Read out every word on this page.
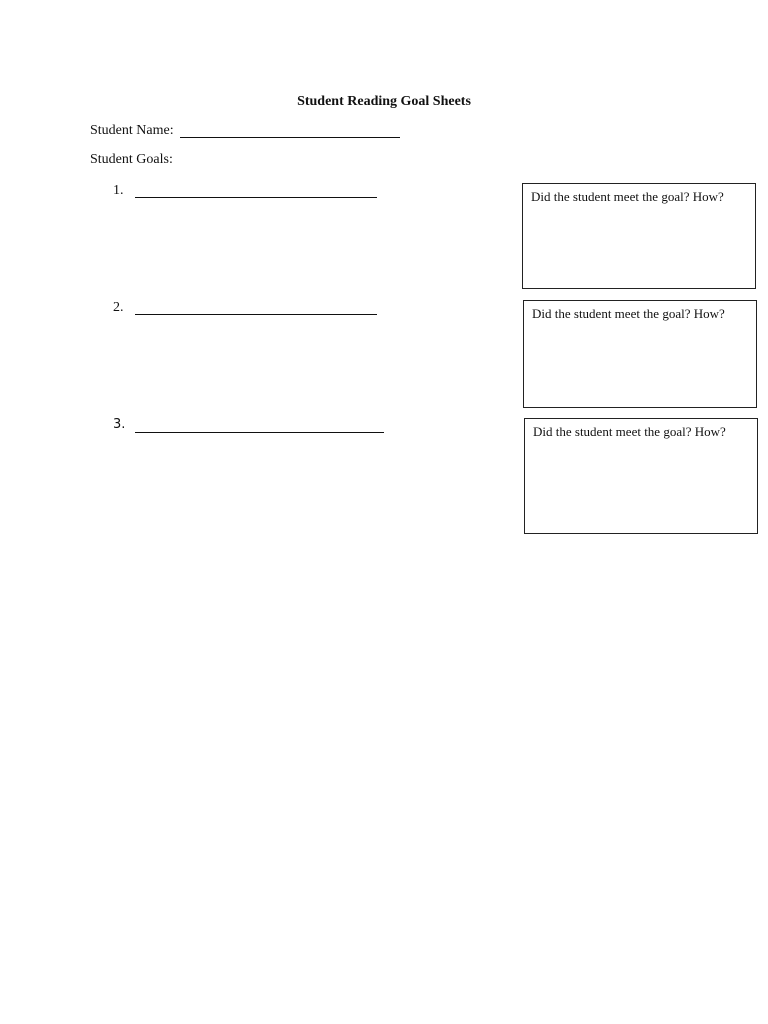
Student Reading Goal Sheets
Student Name:
Student Goals:
1.	Did the student meet the goal? How?
2.	Did the student meet the goal? How?
3.	Did the student meet the goal? How?
